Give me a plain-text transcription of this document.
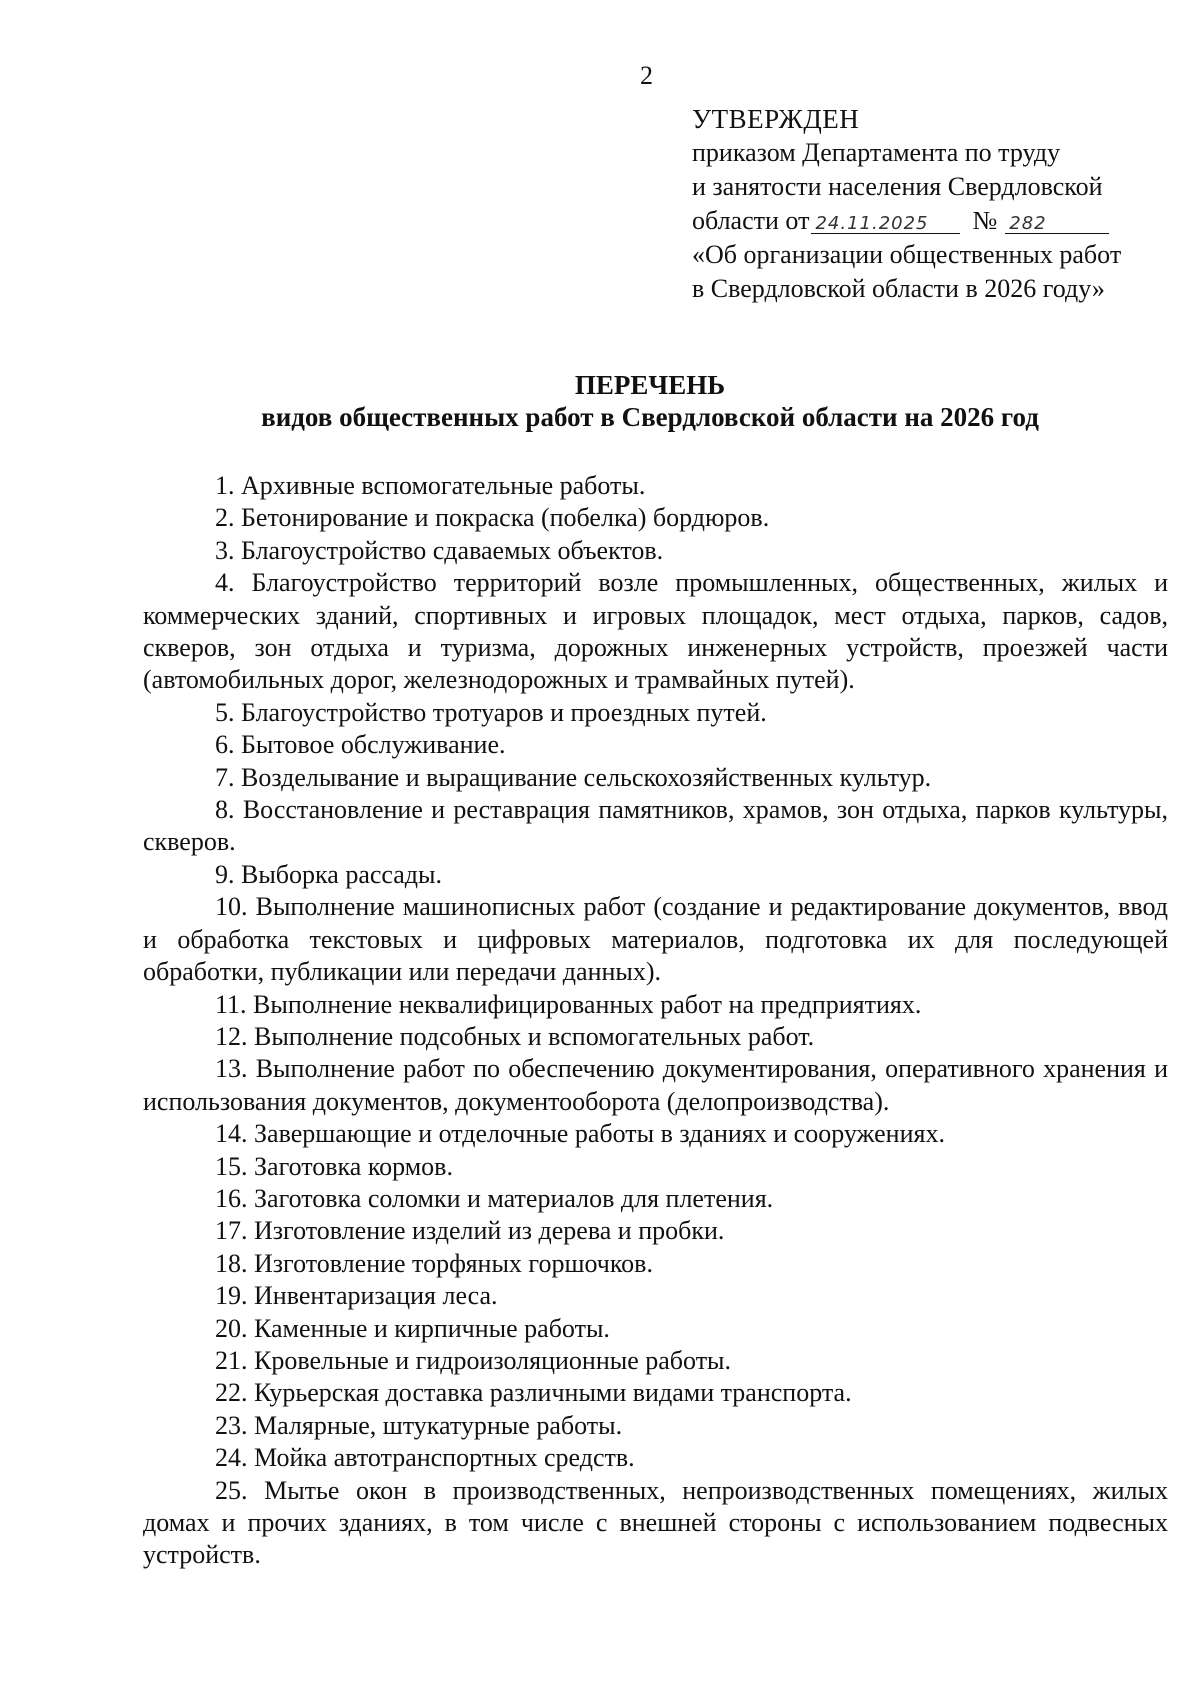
2
УТВЕРЖДЕН
приказом Департамента по труду
и занятости населения Свердловской
области от 24.11.2025 № 282
«Об организации общественных работ
в Свердловской области в 2026 году»
ПЕРЕЧЕНЬ
видов общественных работ в Свердловской области на 2026 год

1. Архивные вспомогательные работы.

2. Бетонирование и покраска (побелка) бордюров.

3. Благоустройство сдаваемых объектов.

4. Благоустройство территорий возле промышленных, общественных, жилых и коммерческих зданий, спортивных и игровых площадок, мест отдыха, парков, садов, скверов, зон отдыха и туризма, дорожных инженерных устройств, проезжей части (автомобильных дорог, железнодорожных и трамвайных путей).

5. Благоустройство тротуаров и проездных путей.

6. Бытовое обслуживание.

7. Возделывание и выращивание сельскохозяйственных культур.

8. Восстановление и реставрация памятников, храмов, зон отдыха, парков культуры, скверов.

9. Выборка рассады.

10. Выполнение машинописных работ (создание и редактирование документов, ввод и обработка текстовых и цифровых материалов, подготовка их для последующей обработки, публикации или передачи данных).

11. Выполнение неквалифицированных работ на предприятиях.

12. Выполнение подсобных и вспомогательных работ.

13. Выполнение работ по обеспечению документирования, оперативного хранения и использования документов, документооборота (делопроизводства).

14. Завершающие и отделочные работы в зданиях и сооружениях.

15. Заготовка кормов.

16. Заготовка соломки и материалов для плетения.

17. Изготовление изделий из дерева и пробки.

18. Изготовление торфяных горшочков.

19. Инвентаризация леса.

20. Каменные и кирпичные работы.

21. Кровельные и гидроизоляционные работы.

22. Курьерская доставка различными видами транспорта.

23. Малярные, штукатурные работы.

24. Мойка автотранспортных средств.

25. Мытье окон в производственных, непроизводственных помещениях, жилых домах и прочих зданиях, в том числе с внешней стороны с использованием подвесных устройств.
